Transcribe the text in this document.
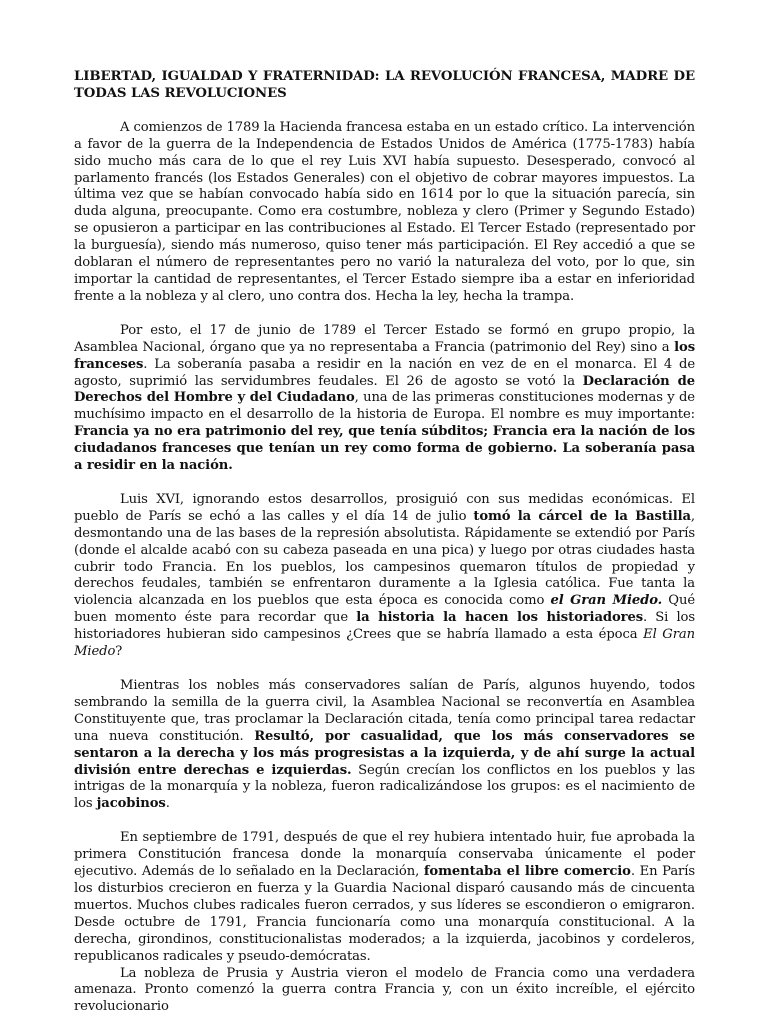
LIBERTAD, IGUALDAD Y FRATERNIDAD: LA REVOLUCIÓN FRANCESA, MADRE DE TODAS LAS REVOLUCIONES

A comienzos de 1789 la Hacienda francesa estaba en un estado crítico. La intervención a favor de la guerra de la Independencia de Estados Unidos de América (1775-1783) había sido mucho más cara de lo que el rey Luis XVI había supuesto. Desesperado, convocó al parlamento francés (los Estados Generales) con el objetivo de cobrar mayores impuestos. La última vez que se habían convocado había sido en 1614 por lo que la situación parecía, sin duda alguna, preocupante. Como era costumbre, nobleza y clero (Primer y Segundo Estado) se opusieron a participar en las contribuciones al Estado. El Tercer Estado (representado por la burguesía), siendo más numeroso, quiso tener más participación. El Rey accedió a que se doblaran el número de representantes pero no varió la naturaleza del voto, por lo que, sin importar la cantidad de representantes, el Tercer Estado siempre iba a estar en inferioridad frente a la nobleza y al clero, uno contra dos. Hecha la ley, hecha la trampa.

Por esto, el 17 de junio de 1789 el Tercer Estado se formó en grupo propio, la Asamblea Nacional, órgano que ya no representaba a Francia (patrimonio del Rey) sino a los franceses. La soberanía pasaba a residir en la nación en vez de en el monarca. El 4 de agosto, suprimió las servidumbres feudales. El 26 de agosto se votó la Declaración de Derechos del Hombre y del Ciudadano, una de las primeras constituciones modernas y de muchísimo impacto en el desarrollo de la historia de Europa. El nombre es muy importante: Francia ya no era patrimonio del rey, que tenía súbditos; Francia era la nación de los ciudadanos franceses que tenían un rey como forma de gobierno. La soberanía pasa a residir en la nación.

Luis XVI, ignorando estos desarrollos, prosiguió con sus medidas económicas. El pueblo de París se echó a las calles y el día 14 de julio tomó la cárcel de la Bastilla, desmontando una de las bases de la represión absolutista. Rápidamente se extendió por París (donde el alcalde acabó con su cabeza paseada en una pica) y luego por otras ciudades hasta cubrir todo Francia. En los pueblos, los campesinos quemaron títulos de propiedad y derechos feudales, también se enfrentaron duramente a la Iglesia católica. Fue tanta la violencia alcanzada en los pueblos que esta época es conocida como el Gran Miedo. Qué buen momento éste para recordar que la historia la hacen los historiadores. Si los historiadores hubieran sido campesinos ¿Crees que se habría llamado a esta época El Gran Miedo?

Mientras los nobles más conservadores salían de París, algunos huyendo, todos sembrando la semilla de la guerra civil, la Asamblea Nacional se reconvertía en Asamblea Constituyente que, tras proclamar la Declaración citada, tenía como principal tarea redactar una nueva constitución. Resultó, por casualidad, que los más conservadores se sentaron a la derecha y los más progresistas a la izquierda, y de ahí surge la actual división entre derechas e izquierdas. Según crecían los conflictos en los pueblos y las intrigas de la monarquía y la nobleza, fueron radicalizándose los grupos: es el nacimiento de los jacobinos.

En septiembre de 1791, después de que el rey hubiera intentado huir, fue aprobada la primera Constitución francesa donde la monarquía conservaba únicamente el poder ejecutivo. Además de lo señalado en la Declaración, fomentaba el libre comercio. En París los disturbios crecieron en fuerza y la Guardia Nacional disparó causando más de cincuenta muertos. Muchos clubes radicales fueron cerrados, y sus líderes se escondieron o emigraron. Desde octubre de 1791, Francia funcionaría como una monarquía constitucional. A la derecha, girondinos, constitucionalistas moderados; a la izquierda, jacobinos y cordeleros, republicanos radicales y pseudo-demócratas.

La nobleza de Prusia y Austria vieron el modelo de Francia como una verdadera amenaza. Pronto comenzó la guerra contra Francia y, con un éxito increíble, el ejército revolucionario
